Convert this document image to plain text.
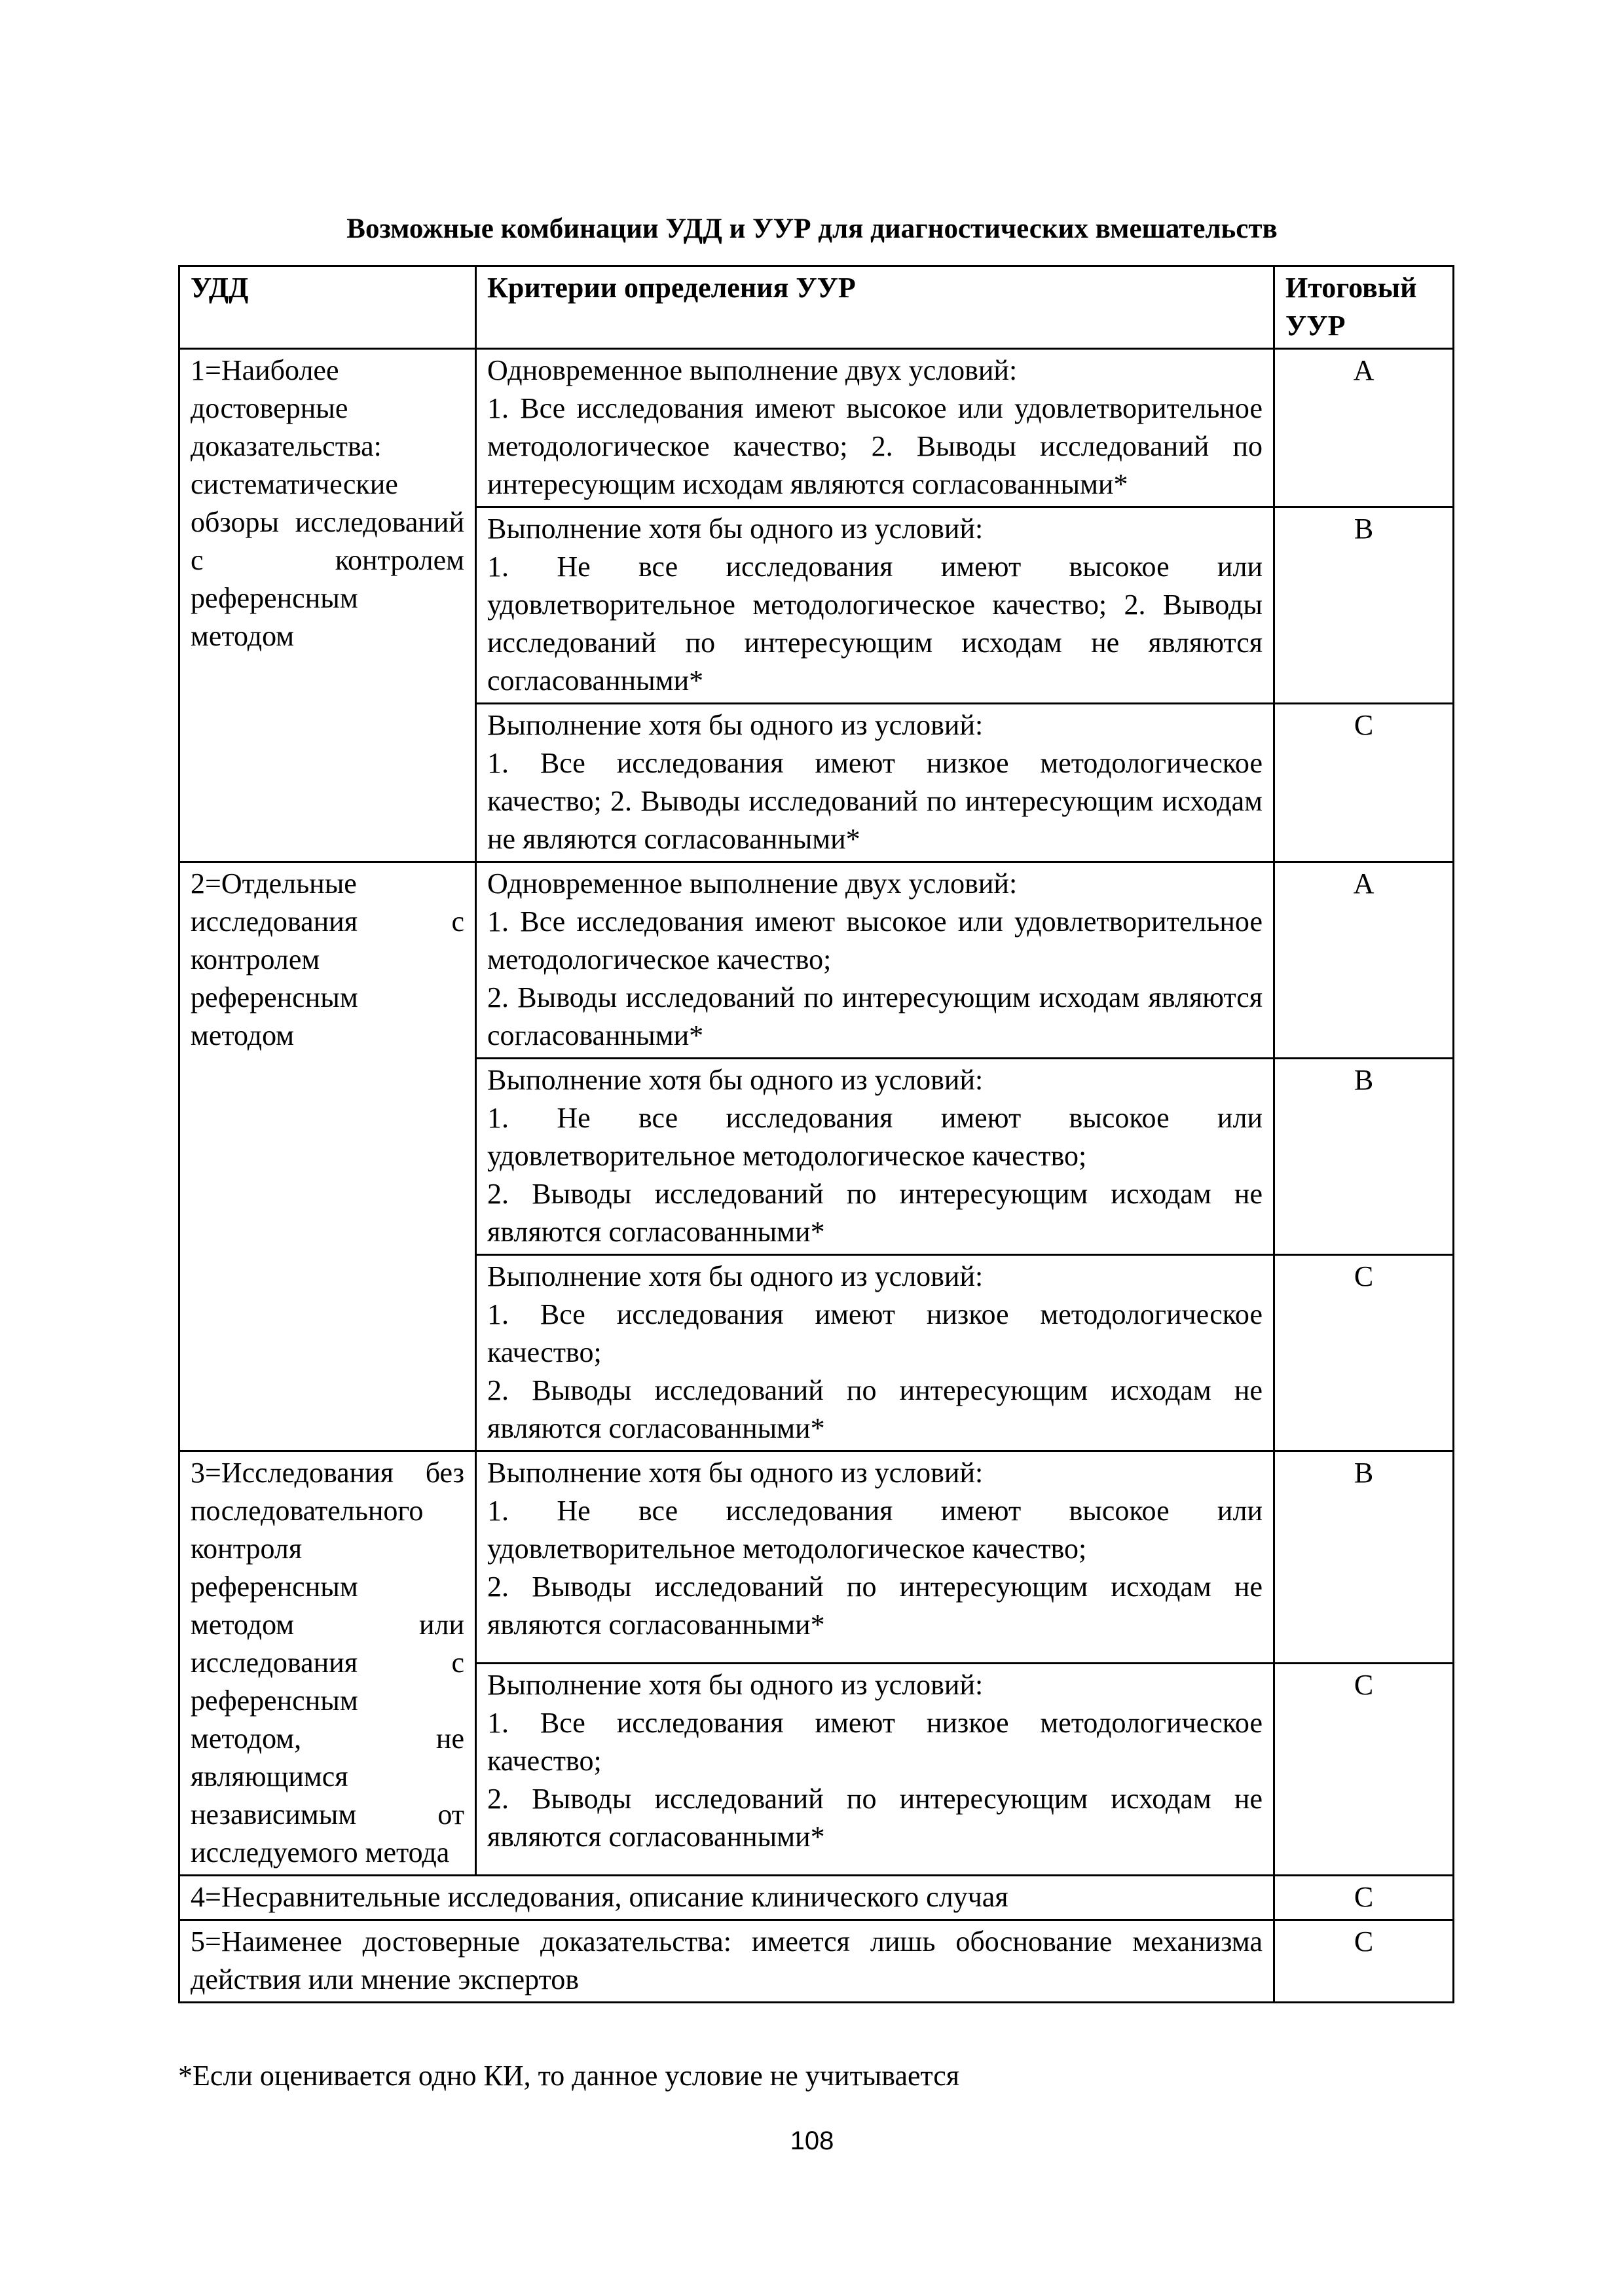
Возможные комбинации УДД и УУР для диагностических вмешательств
УДД	Критерии определения УУР	Итоговый УУР
1=Наиболее достоверные доказательства: систематические обзоры исследований с контролем референсным методом	Одновременное выполнение двух условий:
1. Все исследования имеют высокое или удовлетворительное методологическое качество; 2. Выводы исследований по интересующим исходам являются согласованными*	A

	Выполнение хотя бы одного из условий:
1. Не все исследования имеют высокое или удовлетворительное методологическое качество; 2. Выводы исследований по интересующим исходам не являются согласованными*	B

	Выполнение хотя бы одного из условий:
1. Все исследования имеют низкое методологическое качество; 2. Выводы исследований по интересующим исходам не являются согласованными*	C
2=Отдельные исследования с контролем референсным методом	Одновременное выполнение двух условий:
1. Все исследования имеют высокое или удовлетворительное методологическое качество;
2. Выводы исследований по интересующим исходам являются согласованными*	A

	Выполнение хотя бы одного из условий:
1. Не все исследования имеют высокое или удовлетворительное методологическое качество;
2. Выводы исследований по интересующим исходам не являются согласованными*	B

	Выполнение хотя бы одного из условий:
1. Все исследования имеют низкое методологическое качество;
2. Выводы исследований по интересующим исходам не являются согласованными*	C
3=Исследования без последовательного контроля референсным методом или исследования с референсным методом, не являющимся независимым от исследуемого метода	Выполнение хотя бы одного из условий:
1. Не все исследования имеют высокое или удовлетворительное методологическое качество;
2. Выводы исследований по интересующим исходам не являются согласованными*	B

	Выполнение хотя бы одного из условий:
1. Все исследования имеют низкое методологическое качество;
2. Выводы исследований по интересующим исходам не являются согласованными*	C
4=Несравнительные исследования, описание клинического случая		C
5=Наименее достоверные доказательства: имеется лишь обоснование механизма действия или мнение экспертов		C
*Если оценивается одно КИ, то данное условие не учитывается
108
